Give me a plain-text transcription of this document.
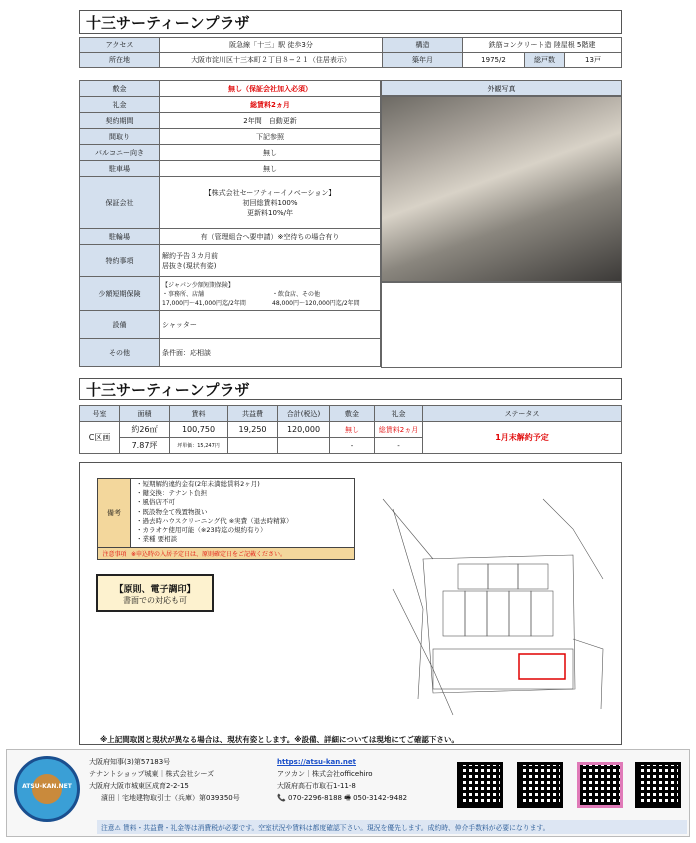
十三サーティーンプラザ
アクセス	阪急線「十三」駅 徒歩3分	構造	鉄筋コンクリート造 陸屋根 5階建		
所在地	大阪市淀川区十三本町２丁目８−２１（住居表示）	築年月	1975/2	総戸数	13戸
敷金	無し（保証会社加入必須）
礼金	総賃料2ヵ月
契約期間	2年間　自動更新
間取り	下記参照
バルコニー向き	無し
駐車場	無し
保証会社	【株式会社セーフティーイノベーション】
初回総賃料100%
更新料10%/年

駐輪場	有（管理組合へ要申請）※空待ちの場合有り
特約事項	解約予告３カ月前
居抜き(現状有姿)

少額短期保険	【ジャパン少額短期保険】
・事務所、店舗
17,000円〜41,000円迄/2年間
・飲食店、その他
48,000円〜120,000円迄/2年間

設備	シャッター
その他	条件面：応相談
外観写真
十三サーティーンプラザ
号室	面積	賃料	共益費	合計(税込)	敷金	礼金	ステータス
C区画	約26㎡	100,750	19,250	120,000	無し	総賃料2ヵ月	1月末解約予定
	7.87坪	坪単価：15,247円			-	-	
備考
・短期解約違約金有(2年未満総賃料2ヶ月)
・鍵交換：テナント負担
・風俗店不可
・既設物全て残置物扱い
・過去時ハウスクリーニング代 ※実費（退去時精算）
・カラオケ使用可能（※23時迄の規約有り）
・業種 要相談
注意事項 ※申込時の入居予定日は、原則確定日をご記載ください。
【原則、電子調印】
書面での対応も可
※上記間取図と現状が異なる場合は、現状有姿とします。※設備、詳細については現地にてご確認下さい。
ATSU-KAN.NET
大阪府知事(3)第57183号
テナントショップ城東｜株式会社シーズ
大阪府大阪市城東区成育2-2-15
濱田｜宅地建物取引士（兵庫）第039350号
https://atsu-kan.net
アツカン｜株式会社officehiro
大阪府高石市取石1-11-8
📞 070-2296-8188 🖷 050-3142-9482
注意⚠ 賃料・共益費・礼金等は消費税が必要です。空室状況や賃料は都度確認下さい。現況を優先します。成約時、仲介手数料が必要になります。
